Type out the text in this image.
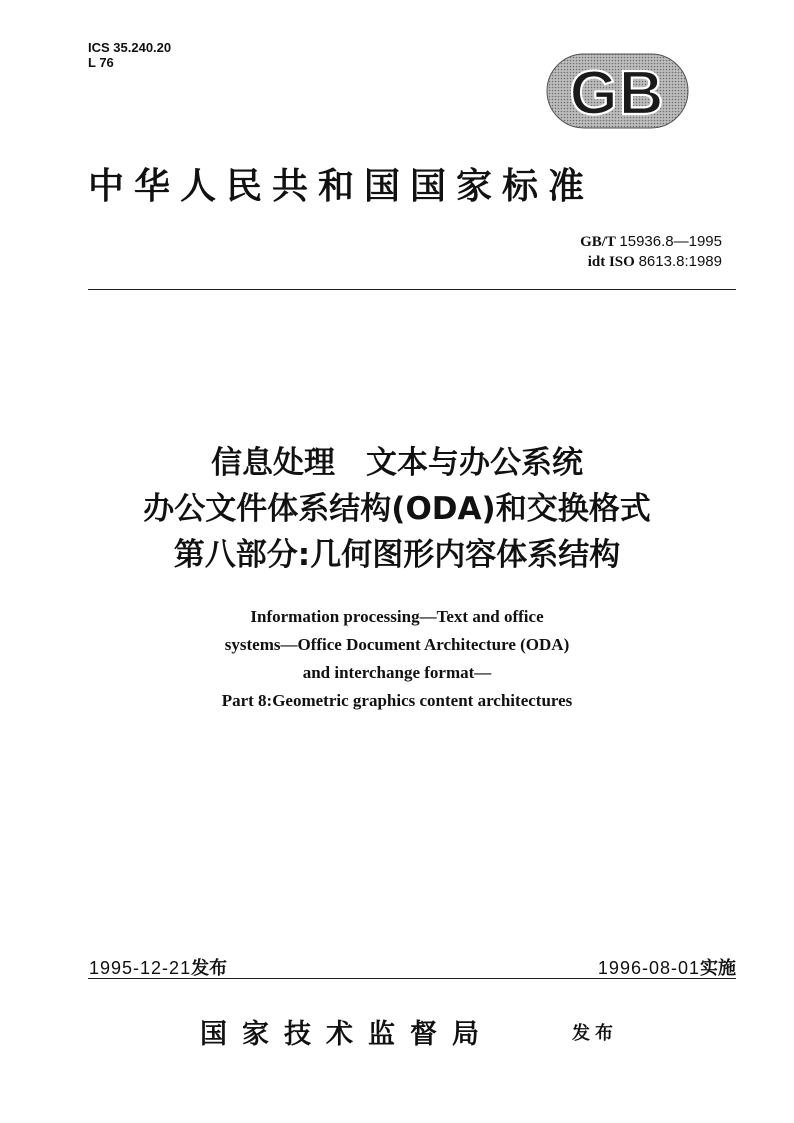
ICS 35.240.20
L 76	GB
中华人民共和国国家标准
GB/T 15936.8—1995
idt ISO 8613.8:1989
信息处理　文本与办公系统
办公文件体系结构(ODA)和交换格式
第八部分:几何图形内容体系结构
Information processing—Text and office
systems—Office Document Architecture (ODA)
and interchange format—
Part 8:Geometric graphics content architectures
1995-12-21发布	1996-08-01实施
国家技术监督局	发布
